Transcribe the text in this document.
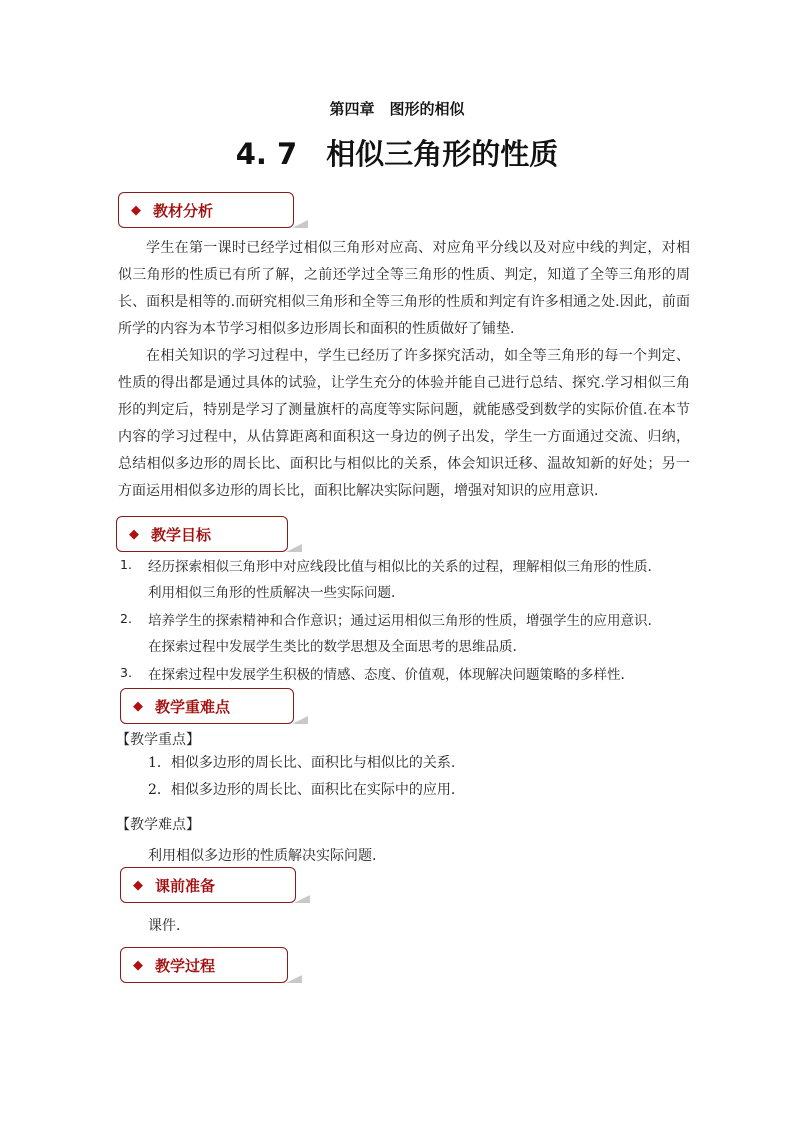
第四章　图形的相似
4. 7　相似三角形的性质
◆ 教材分析

学生在第一课时已经学过相似三角形对应高、对应角平分线以及对应中线的判定，对相似三角形的性质已有所了解，之前还学过全等三角形的性质、判定，知道了全等三角形的周长、面积是相等的.而研究相似三角形和全等三角形的性质和判定有许多相通之处.因此，前面所学的内容为本节学习相似多边形周长和面积的性质做好了铺垫.

在相关知识的学习过程中，学生已经历了许多探究活动，如全等三角形的每一个判定、性质的得出都是通过具体的试验，让学生充分的体验并能自己进行总结、探究.学习相似三角形的判定后，特别是学习了测量旗杆的高度等实际问题，就能感受到数学的实际价值.在本节内容的学习过程中，从估算距离和面积这一身边的例子出发，学生一方面通过交流、归纳，总结相似多边形的周长比、面积比与相似比的关系，体会知识迁移、温故知新的好处；另一方面运用相似多边形的周长比，面积比解决实际问题，增强对知识的应用意识.

◆ 教学目标
1. 经历探索相似三角形中对应线段比值与相似比的关系的过程，理解相似三角形的性质.
利用相似三角形的性质解决一些实际问题.
2. 培养学生的探索精神和合作意识；通过运用相似三角形的性质，增强学生的应用意识.
在探索过程中发展学生类比的数学思想及全面思考的思维品质.
3. 在探索过程中发展学生积极的情感、态度、价值观，体现解决问题策略的多样性.
◆ 教学重难点
【教学重点】
1．相似多边形的周长比、面积比与相似比的关系.
2．相似多边形的周长比、面积比在实际中的应用.
【教学难点】
利用相似多边形的性质解决实际问题.
◆ 课前准备
课件.
◆ 教学过程
